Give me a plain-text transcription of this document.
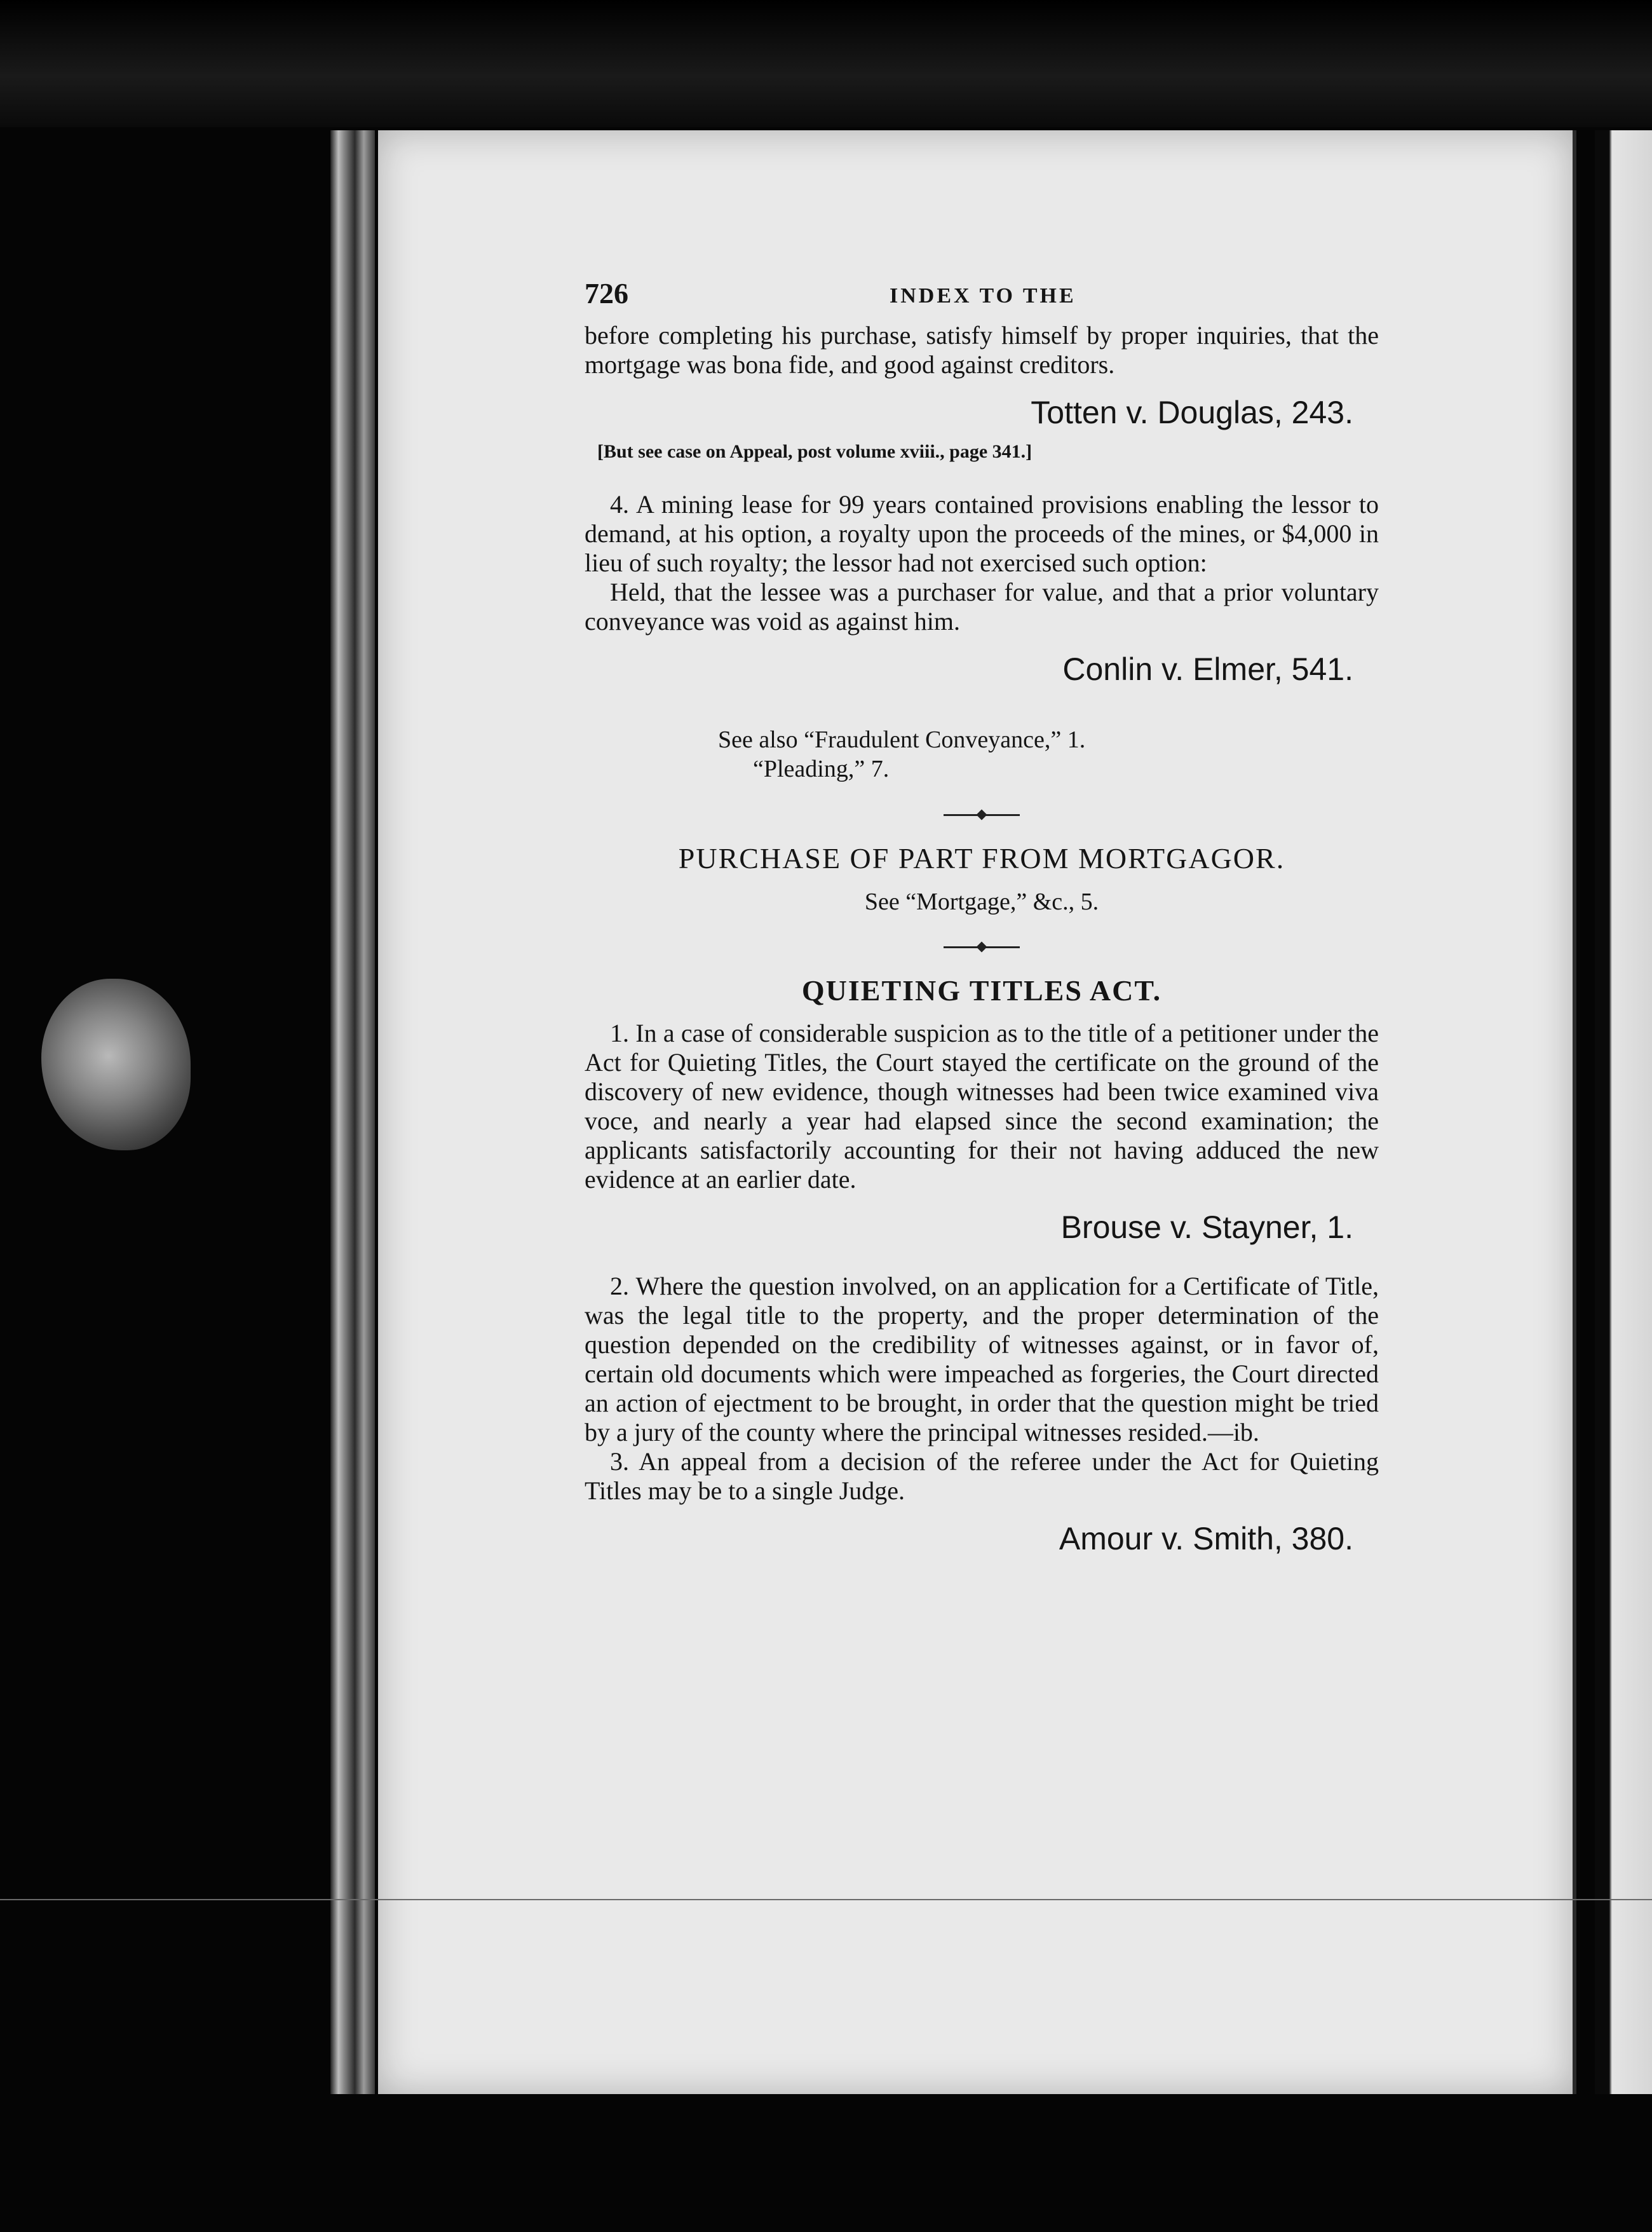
726	INDEX TO THE

before completing his purchase, satisfy himself by proper inquiries, that the mortgage was bona fide, and good against creditors.

Totten v. Douglas, 243.
[But see case on Appeal, post volume xviii., page 341.]

4. A mining lease for 99 years contained provisions enabling the lessor to demand, at his option, a royalty upon the proceeds of the mines, or $4,000 in lieu of such royalty; the lessor had not exercised such option:

Held, that the lessee was a purchaser for value, and that a prior voluntary conveyance was void as against him.

Conlin v. Elmer, 541.
See also “Fraudulent Conveyance,” 1.
“Pleading,” 7.
PURCHASE OF PART FROM MORTGAGOR.
See “Mortgage,” &c., 5.
QUIETING TITLES ACT.

1. In a case of considerable suspicion as to the title of a petitioner under the Act for Quieting Titles, the Court stayed the certificate on the ground of the discovery of new evidence, though witnesses had been twice examined viva voce, and nearly a year had elapsed since the second examination; the applicants satisfactorily accounting for their not having adduced the new evidence at an earlier date.

Brouse v. Stayner, 1.

2. Where the question involved, on an application for a Certificate of Title, was the legal title to the property, and the proper determination of the question depended on the credibility of witnesses against, or in favor of, certain old documents which were impeached as forgeries, the Court directed an action of ejectment to be brought, in order that the question might be tried by a jury of the county where the principal witnesses resided.—ib.

3. An appeal from a decision of the referee under the Act for Quieting Titles may be to a single Judge.

Amour v. Smith, 380.
